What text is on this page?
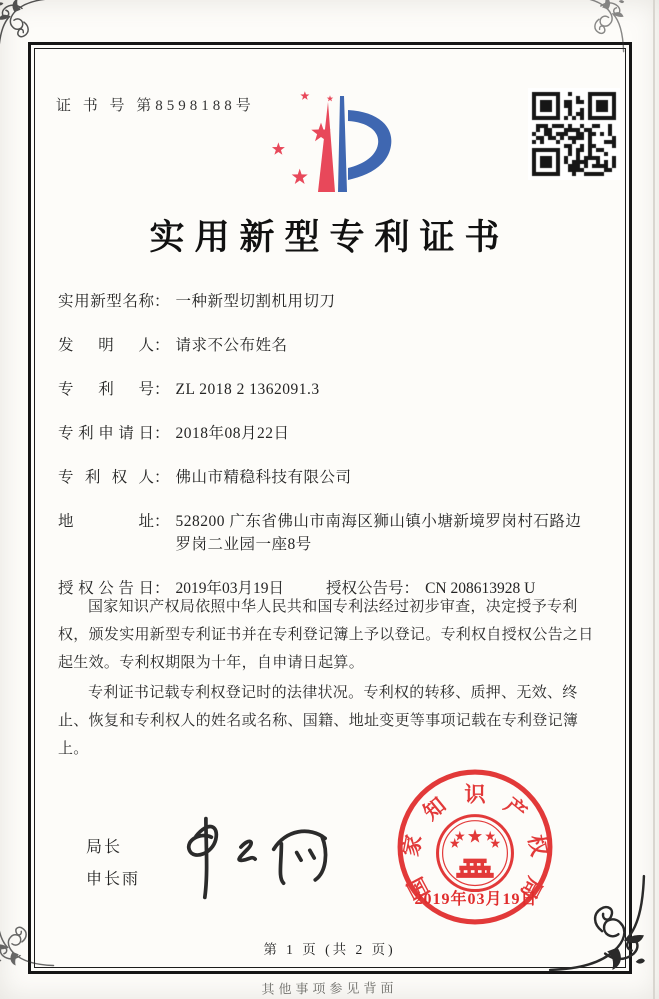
证 书 号 第8598188号
实用新型专利证书
实用新型名称 ： 一种新型切割机用切刀
发明人 ： 请求不公布姓名
专利号 ： ZL 2018 2 1362091.3
专利申请日 ： 2018年08月22日
专利权人 ： 佛山市精稳科技有限公司
地址 ： 528200 广东省佛山市南海区狮山镇小塘新境罗岗村石路边罗岗二业园一座8号
授权公告日 ： 2019年03月19日	授权公告号 ： CN 208613928 U

国家知识产权局依照中华人民共和国专利法经过初步审查，决定授予专利权，颁发实用新型专利证书并在专利登记簿上予以登记。专利权自授权公告之日起生效。专利权期限为十年，自申请日起算。

专利证书记载专利权登记时的法律状况。专利权的转移、质押、无效、终止、恢复和专利权人的姓名或名称、国籍、地址变更等事项记载在专利登记簿上。

局长
申长雨	国
家
知 识 产
权
局
2019年03月19日
第 1 页 (共 2 页)
其他事项参见背面
